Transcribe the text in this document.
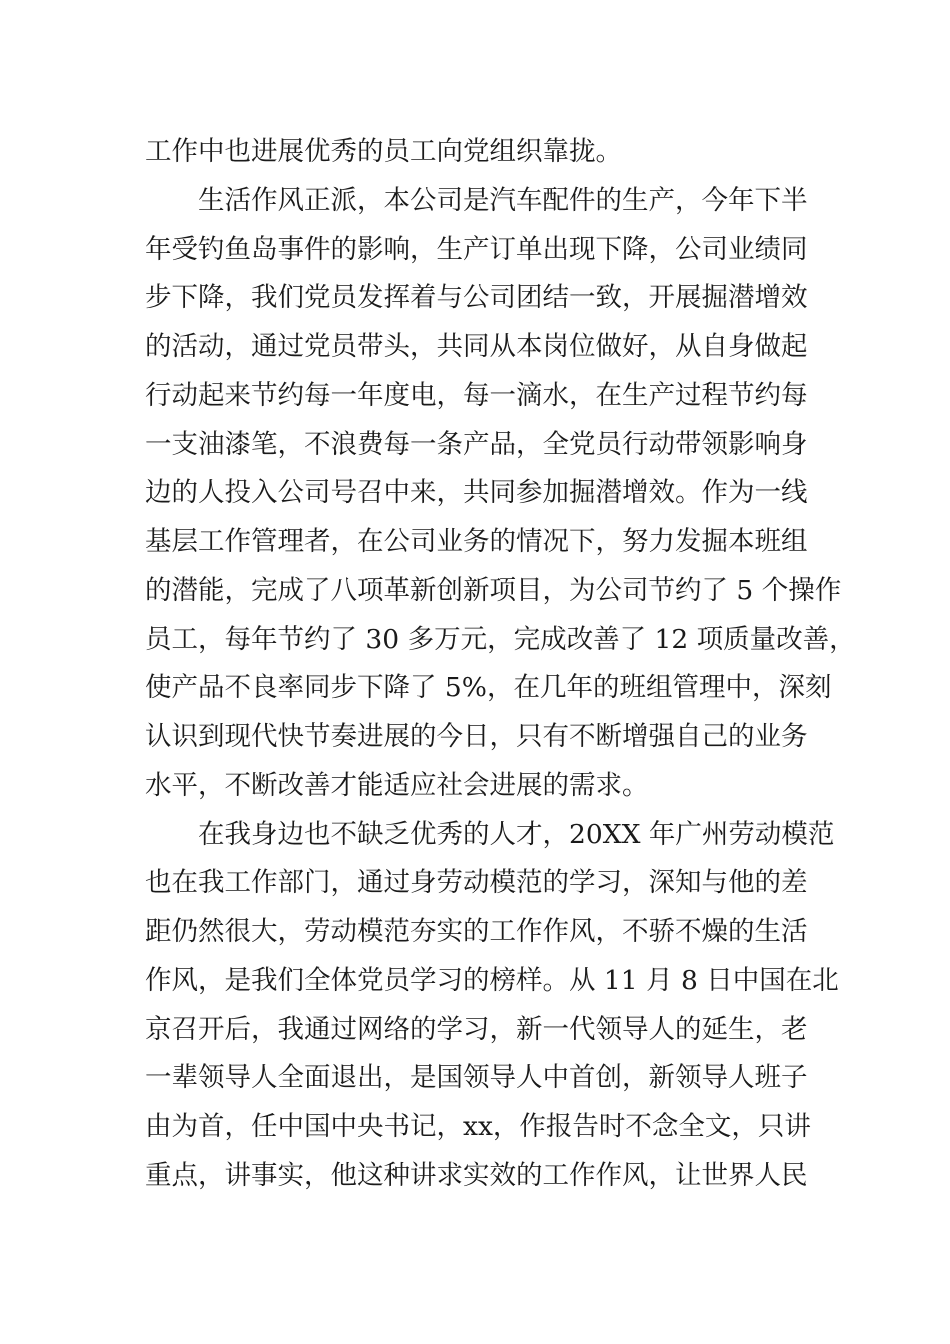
工作中也进展优秀的员工向党组织靠拢。
生活作风正派，本公司是汽车配件的生产，今年下半
年受钓鱼岛事件的影响，生产订单出现下降，公司业绩同
步下降，我们党员发挥着与公司团结一致，开展掘潜增效
的活动，通过党员带头，共同从本岗位做好，从自身做起
行动起来节约每一年度电，每一滴水，在生产过程节约每
一支油漆笔，不浪费每一条产品，全党员行动带领影响身
边的人投入公司号召中来，共同参加掘潜增效。作为一线
基层工作管理者，在公司业务的情况下，努力发掘本班组
的潜能，完成了八项革新创新项目，为公司节约了 5 个操作
员工，每年节约了 30 多万元，完成改善了 12 项质量改善，
使产品不良率同步下降了 5%，在几年的班组管理中，深刻
认识到现代快节奏进展的今日，只有不断增强自己的业务
水平，不断改善才能适应社会进展的需求。
在我身边也不缺乏优秀的人才，20XX 年广州劳动模范
也在我工作部门，通过身劳动模范的学习，深知与他的差
距仍然很大，劳动模范夯实的工作作风，不骄不燥的生活
作风，是我们全体党员学习的榜样。从 11 月 8 日中国在北
京召开后，我通过网络的学习，新一代领导人的延生，老
一辈领导人全面退出，是国领导人中首创，新领导人班子
由为首，任中国中央书记，xx，作报告时不念全文，只讲
重点，讲事实，他这种讲求实效的工作作风，让世界人民
